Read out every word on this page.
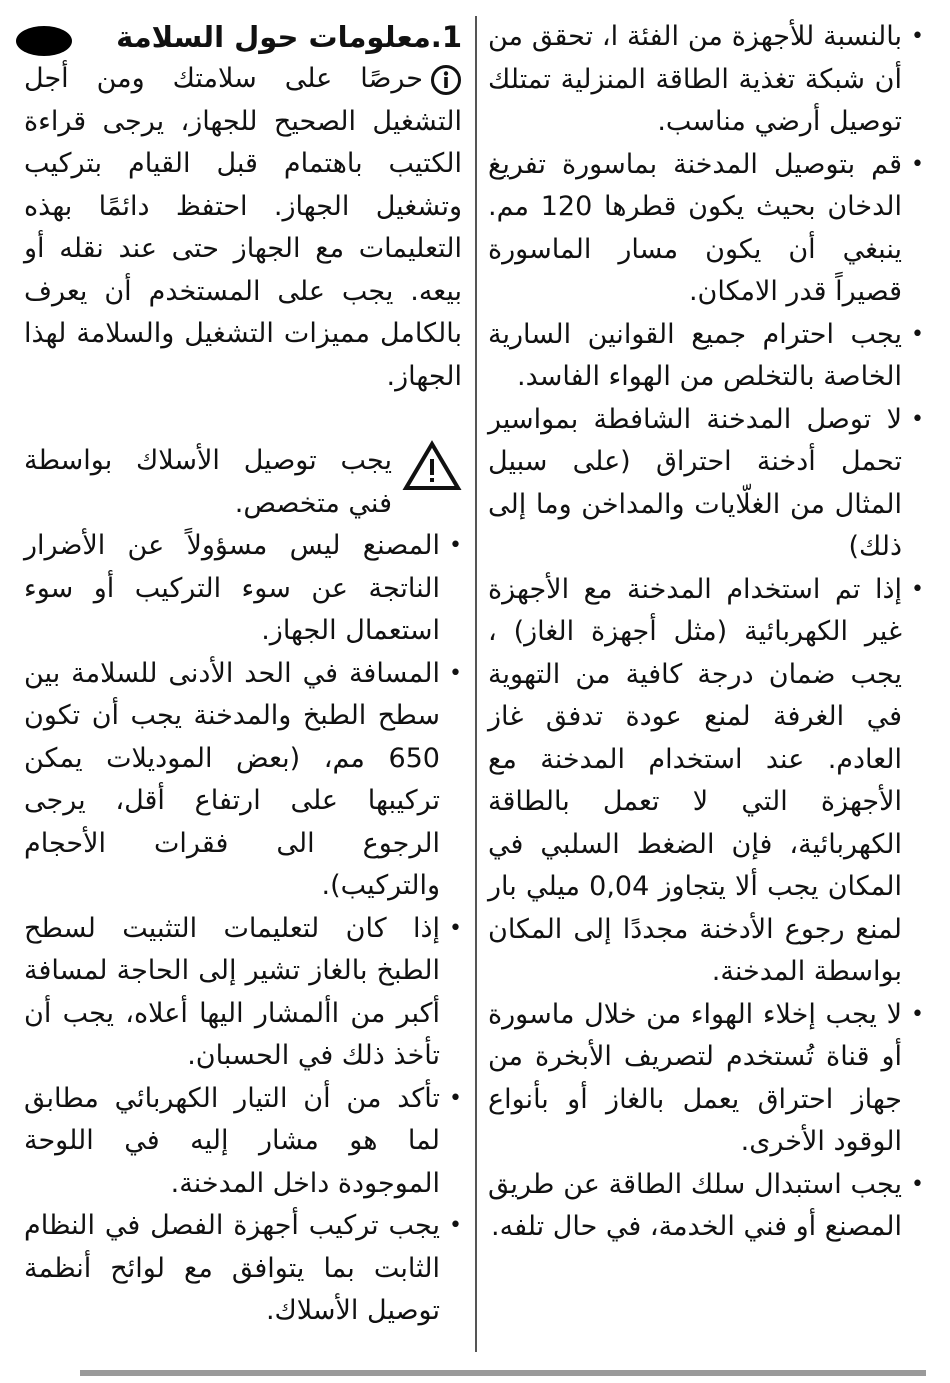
1.معلومات حول السلامة
حرصًا على سلامتك ومن أجل التشغيل الصحيح للجهاز، يرجى قراءة الكتيب باهتمام قبل القيام بتركيب وتشغيل الجهاز. احتفظ دائمًا بهذه التعليمات مع الجهاز حتى عند نقله أو بيعه. يجب على المستخدم أن يعرف بالكامل مميزات التشغيل والسلامة لهذا الجهاز.
يجب توصيل الأسلاك بواسطة فني متخصص.
•
المصنع ليس مسؤولاً عن الأضرار الناتجة عن سوء التركيب أو سوء استعمال الجهاز.
•
المسافة في الحد الأدنى للسلامة بين سطح الطبخ والمدخنة يجب أن تكون 650 مم، (بعض الموديلات يمكن تركيبها على ارتفاع أقل، يرجى الرجوع الى فقرات الأحجام والتركيب).
•
إذا كان لتعليمات التثبيت لسطح الطبخ بالغاز تشير إلى الحاجة لمسافة أكبر من األمشار اليها أعلاه، يجب أن تأخذ ذلك في الحسبان.
•
تأكد من أن التيار الكهربائي مطابق لما هو مشار إليه في اللوحة الموجودة داخل المدخنة.
•
يجب تركيب أجهزة الفصل في النظام الثابت بما يتوافق مع لوائح أنظمة توصيل الأسلاك.
•
بالنسبة للأجهزة من الفئة ا، تحقق من أن شبكة تغذية الطاقة المنزلية تمتلك توصيل أرضي مناسب.
•
قم بتوصيل المدخنة بماسورة تفريغ الدخان بحيث يكون قطرها 120 مم. ينبغي أن يكون مسار الماسورة قصيراً قدر الامكان.
•
يجب احترام جميع القوانين السارية الخاصة بالتخلص من الهواء الفاسد.
•
لا توصل المدخنة الشافطة بمواسير تحمل أدخنة احتراق (على سبيل المثال من الغلّايات والمداخن وما إلى ذلك)
•
إذا تم استخدام المدخنة مع الأجهزة غير الكهربائية (مثل أجهزة الغاز) ، يجب ضمان درجة كافية من التهوية في الغرفة لمنع عودة تدفق غاز العادم. عند استخدام المدخنة مع الأجهزة التي لا تعمل بالطاقة الكهربائية، فإن الضغط السلبي في المكان يجب ألا يتجاوز 0,04 ميلي بار لمنع رجوع الأدخنة مجددًا إلى المكان بواسطة المدخنة.
•
لا يجب إخلاء الهواء من خلال ماسورة أو قناة تُستخدم لتصريف الأبخرة من جهاز احتراق يعمل بالغاز أو بأنواع الوقود الأخرى.
•
يجب استبدال سلك الطاقة عن طريق المصنع أو فني الخدمة، في حال تلفه.
